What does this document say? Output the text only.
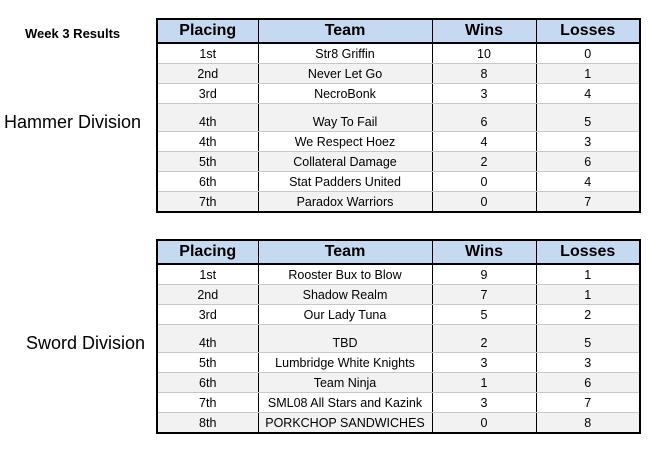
Week 3 Results
Hammer Division
Placing	Team	Wins	Losses
1st	Str8 Griffin	10	0
2nd	Never Let Go	8	1
3rd	NecroBonk	3	4
4th	Way To Fail	6	5
4th	We Respect Hoez	4	3
5th	Collateral Damage	2	6
6th	Stat Padders United	0	4
7th	Paradox Warriors	0	7
Sword Division
Placing	Team	Wins	Losses
1st	Rooster Bux to Blow	9	1
2nd	Shadow Realm	7	1
3rd	Our Lady Tuna	5	2
4th	TBD	2	5
5th	Lumbridge White Knights	3	3
6th	Team Ninja	1	6
7th	SML08 All Stars and Kazink	3	7
8th	PORKCHOP SANDWICHES	0	8
